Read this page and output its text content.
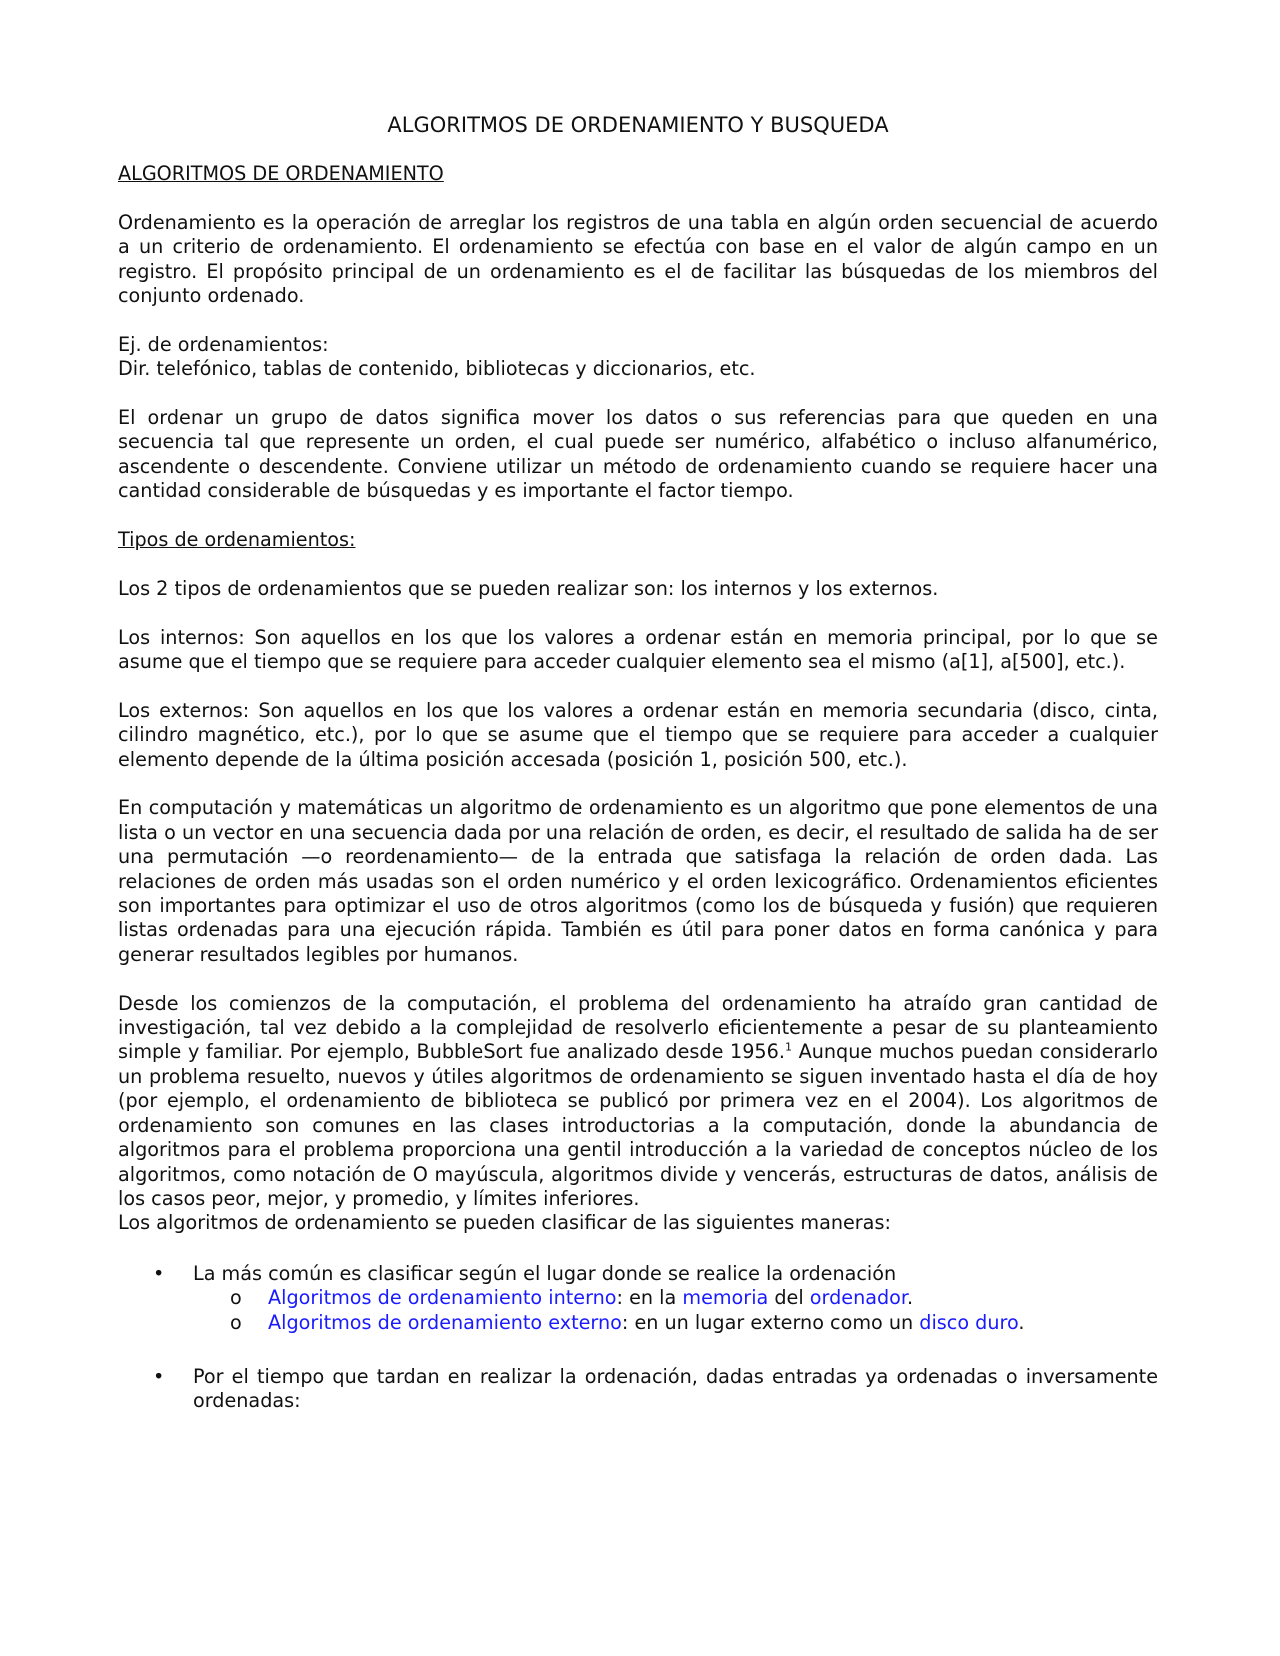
ALGORITMOS DE ORDENAMIENTO Y BUSQUEDA
ALGORITMOS DE ORDENAMIENTO

Ordenamiento es la operación de arreglar los registros de una tabla en algún orden secuencial de acuerdo a un criterio de ordenamiento. El ordenamiento se efectúa con base en el valor de algún campo en un registro. El propósito principal de un ordenamiento es el de facilitar las búsquedas de los miembros del conjunto ordenado.

Ej. de ordenamientos:

Dir. telefónico, tablas de contenido, bibliotecas y diccionarios, etc.

El ordenar un grupo de datos significa mover los datos o sus referencias para que queden en una secuencia tal que represente un orden, el cual puede ser numérico, alfabético o incluso alfanumérico, ascendente o descendente. Conviene utilizar un método de ordenamiento cuando se requiere hacer una cantidad considerable de búsquedas y es importante el factor tiempo.

Tipos de ordenamientos:

Los 2 tipos de ordenamientos que se pueden realizar son: los internos y los externos.

Los internos: Son aquellos en los que los valores a ordenar están en memoria principal, por lo que se asume que el tiempo que se requiere para acceder cualquier elemento sea el mismo (a[1], a[500], etc.).

Los externos: Son aquellos en los que los valores a ordenar están en memoria secundaria (disco, cinta, cilindro magnético, etc.), por lo que se asume que el tiempo que se requiere para acceder a cualquier elemento depende de la última posición accesada (posición 1, posición 500, etc.).

En computación y matemáticas un algoritmo de ordenamiento es un algoritmo que pone elementos de una lista o un vector en una secuencia dada por una relación de orden, es decir, el resultado de salida ha de ser una permutación —o reordenamiento— de la entrada que satisfaga la relación de orden dada. Las relaciones de orden más usadas son el orden numérico y el orden lexicográfico. Ordenamientos eficientes son importantes para optimizar el uso de otros algoritmos (como los de búsqueda y fusión) que requieren listas ordenadas para una ejecución rápida. También es útil para poner datos en forma canónica y para generar resultados legibles por humanos.

Desde los comienzos de la computación, el problema del ordenamiento ha atraído gran cantidad de investigación, tal vez debido a la complejidad de resolverlo eficientemente a pesar de su planteamiento simple y familiar. Por ejemplo, BubbleSort fue analizado desde 1956.$^1$ Aunque muchos puedan considerarlo un problema resuelto, nuevos y útiles algoritmos de ordenamiento se siguen inventado hasta el día de hoy (por ejemplo, el ordenamiento de biblioteca se publicó por primera vez en el 2004). Los algoritmos de ordenamiento son comunes en las clases introductorias a la computación, donde la abundancia de algoritmos para el problema proporciona una gentil introducción a la variedad de conceptos núcleo de los algoritmos, como notación de O mayúscula, algoritmos divide y vencerás, estructuras de datos, análisis de los casos peor, mejor, y promedio, y límites inferiores.

Los algoritmos de ordenamiento se pueden clasificar de las siguientes maneras:

• La más común es clasificar según el lugar donde se realice la ordenación
o Algoritmos de ordenamiento interno: en la memoria del ordenador.
o Algoritmos de ordenamiento externo: en un lugar externo como un disco duro.
• Por el tiempo que tardan en realizar la ordenación, dadas entradas ya ordenadas o inversamente ordenadas:
